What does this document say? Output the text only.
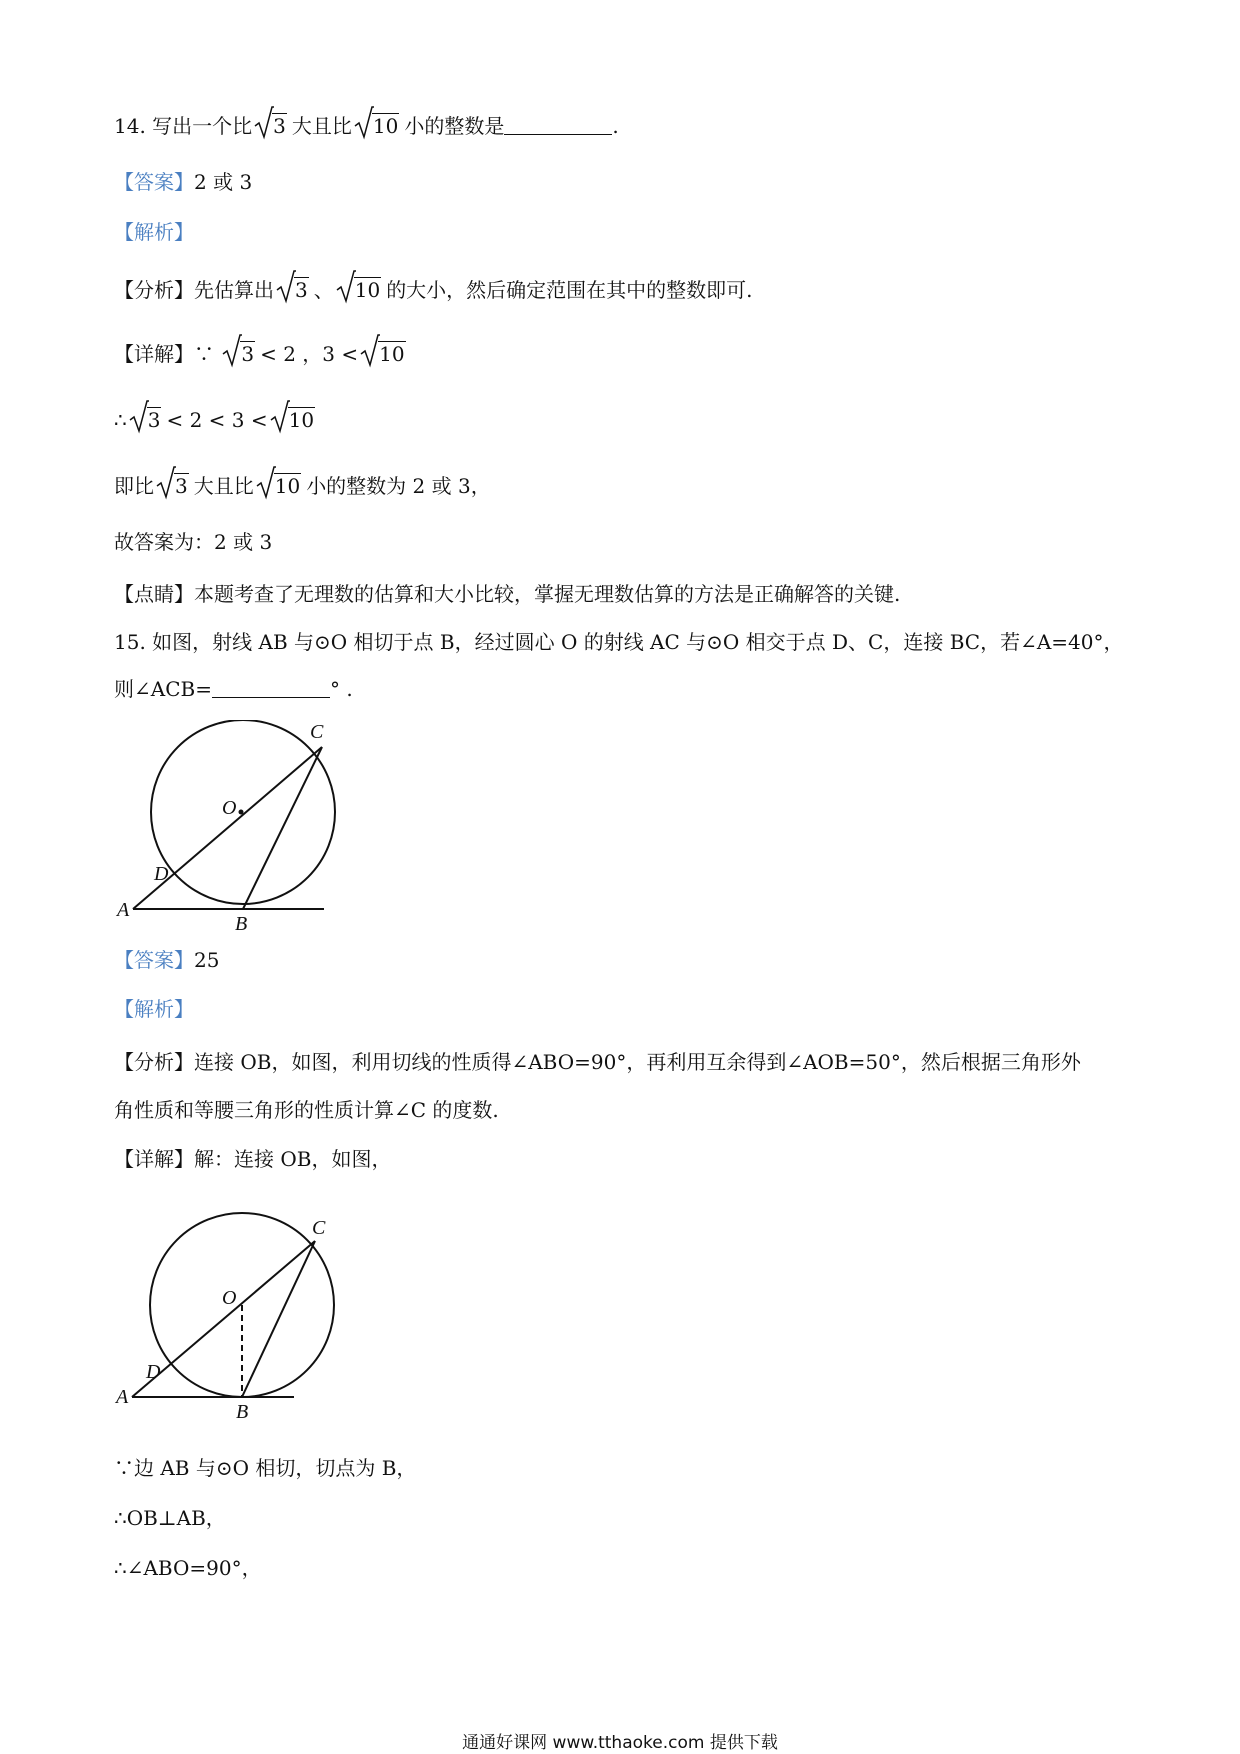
14. 写出一个比 3 大且比 10 小的整数是	.
【答案】2 或 3
【解析】
【分析】先估算出 3 、 10 的大小，然后确定范围在其中的整数即可.
【详解】∵ 3 < 2 ，3 < 10
∴ 3 < 2 < 3 < 10
即比 3 大且比 10 小的整数为 2 或 3，
故答案为：2 或 3
【点睛】本题考查了无理数的估算和大小比较，掌握无理数估算的方法是正确解答的关键.
15. 如图，射线 AB 与⊙O 相切于点 B，经过圆心 O 的射线 AC 与⊙O 相交于点 D、C，连接 BC，若∠A=40°，
则∠ACB=	° .
C
O
D
A
B
【答案】25
【解析】
【分析】连接 OB，如图，利用切线的性质得∠ABO=90°，再利用互余得到∠AOB=50°，然后根据三角形外
角性质和等腰三角形的性质计算∠C 的度数.
【详解】解：连接 OB，如图，
C
O
D
A
B
∵边 AB 与⊙O 相切，切点为 B，
∴OB⊥AB，
∴∠ABO=90°，
通通好课网 www.tthaoke.com 提供下载
